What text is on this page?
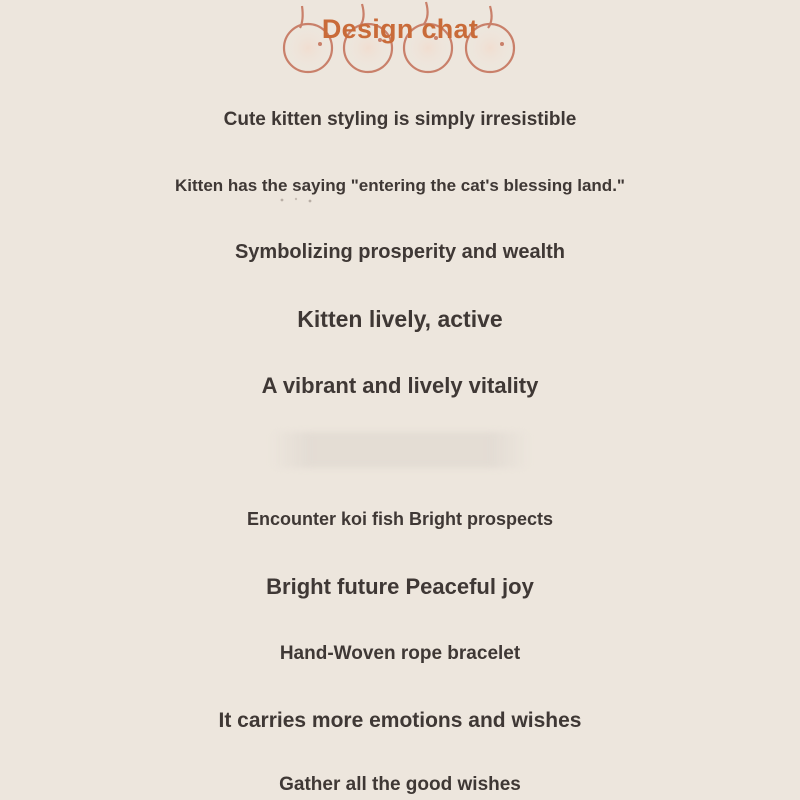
Design chat
Cute kitten styling is simply irresistible
Kitten has the saying "entering the cat's blessing land."
Symbolizing prosperity and wealth
Kitten lively, active
A vibrant and lively vitality
Encounter koi fish Bright prospects
Bright future Peaceful joy
Hand-Woven rope bracelet
It carries more emotions and wishes
Gather all the good wishes
